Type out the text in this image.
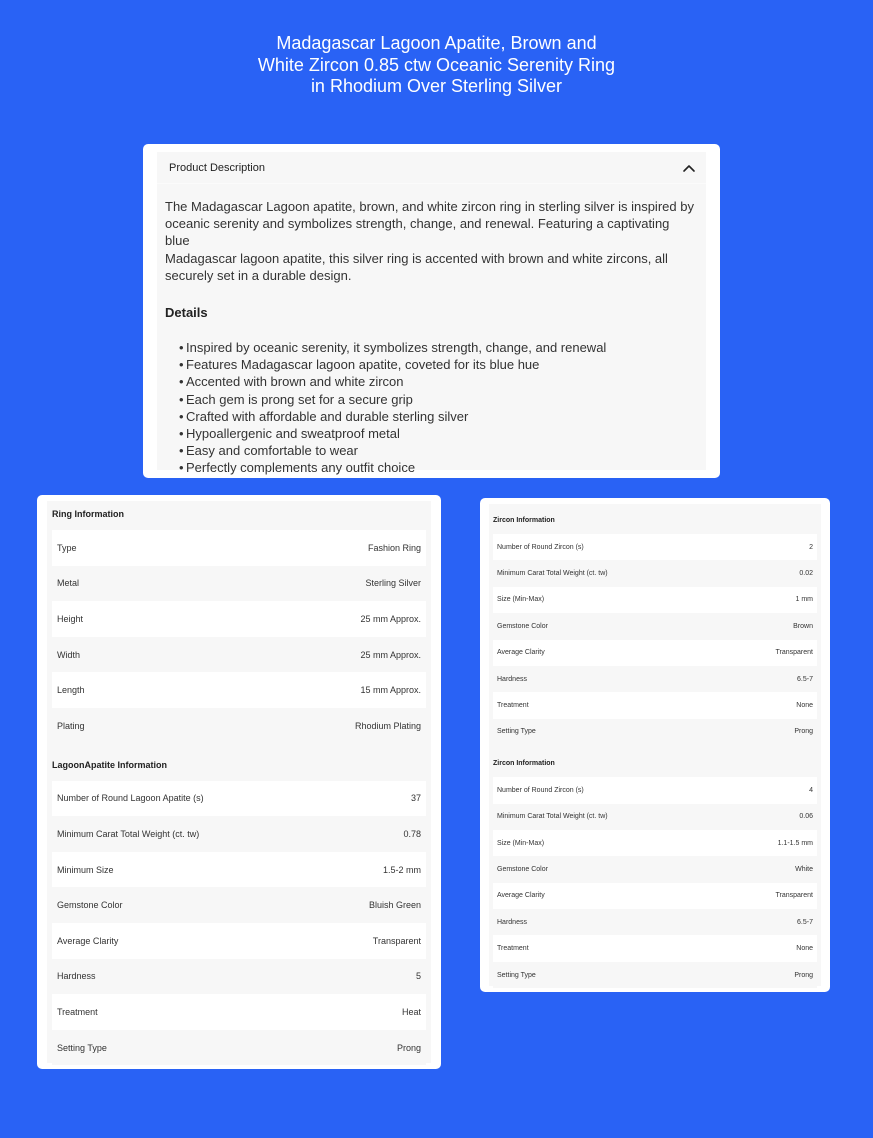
Madagascar Lagoon Apatite, Brown and
White Zircon 0.85 ctw Oceanic Serenity Ring
in Rhodium Over Sterling Silver
Product Description
The Madagascar Lagoon apatite, brown, and white zircon ring in sterling silver is inspired by
oceanic serenity and symbolizes strength, change, and renewal. Featuring a captivating blue
Madagascar lagoon apatite, this silver ring is accented with brown and white zircons, all
securely set in a durable design.
Details
• Inspired by oceanic serenity, it symbolizes strength, change, and renewal
• Features Madagascar lagoon apatite, coveted for its blue hue
• Accented with brown and white zircon
• Each gem is prong set for a secure grip
• Crafted with affordable and durable sterling silver
• Hypoallergenic and sweatproof metal
• Easy and comfortable to wear
• Perfectly complements any outfit choice
Ring Information
Type	Fashion Ring
Metal	Sterling Silver
Height	25 mm Approx.
Width	25 mm Approx.
Length	15 mm Approx.
Plating	Rhodium Plating
LagoonApatite Information
Number of Round Lagoon Apatite (s)	37
Minimum Carat Total Weight (ct. tw)	0.78
Minimum Size	1.5-2 mm
Gemstone Color	Bluish Green
Average Clarity	Transparent
Hardness	5
Treatment	Heat
Setting Type	Prong
Zircon Information
Number of Round Zircon (s)	2
Minimum Carat Total Weight (ct. tw)	0.02
Size (Min-Max)	1 mm
Gemstone Color	Brown
Average Clarity	Transparent
Hardness	6.5-7
Treatment	None
Setting Type	Prong
Zircon Information
Number of Round Zircon (s)	4
Minimum Carat Total Weight (ct. tw)	0.06
Size (Min-Max)	1.1-1.5 mm
Gemstone Color	White
Average Clarity	Transparent
Hardness	6.5-7
Treatment	None
Setting Type	Prong
